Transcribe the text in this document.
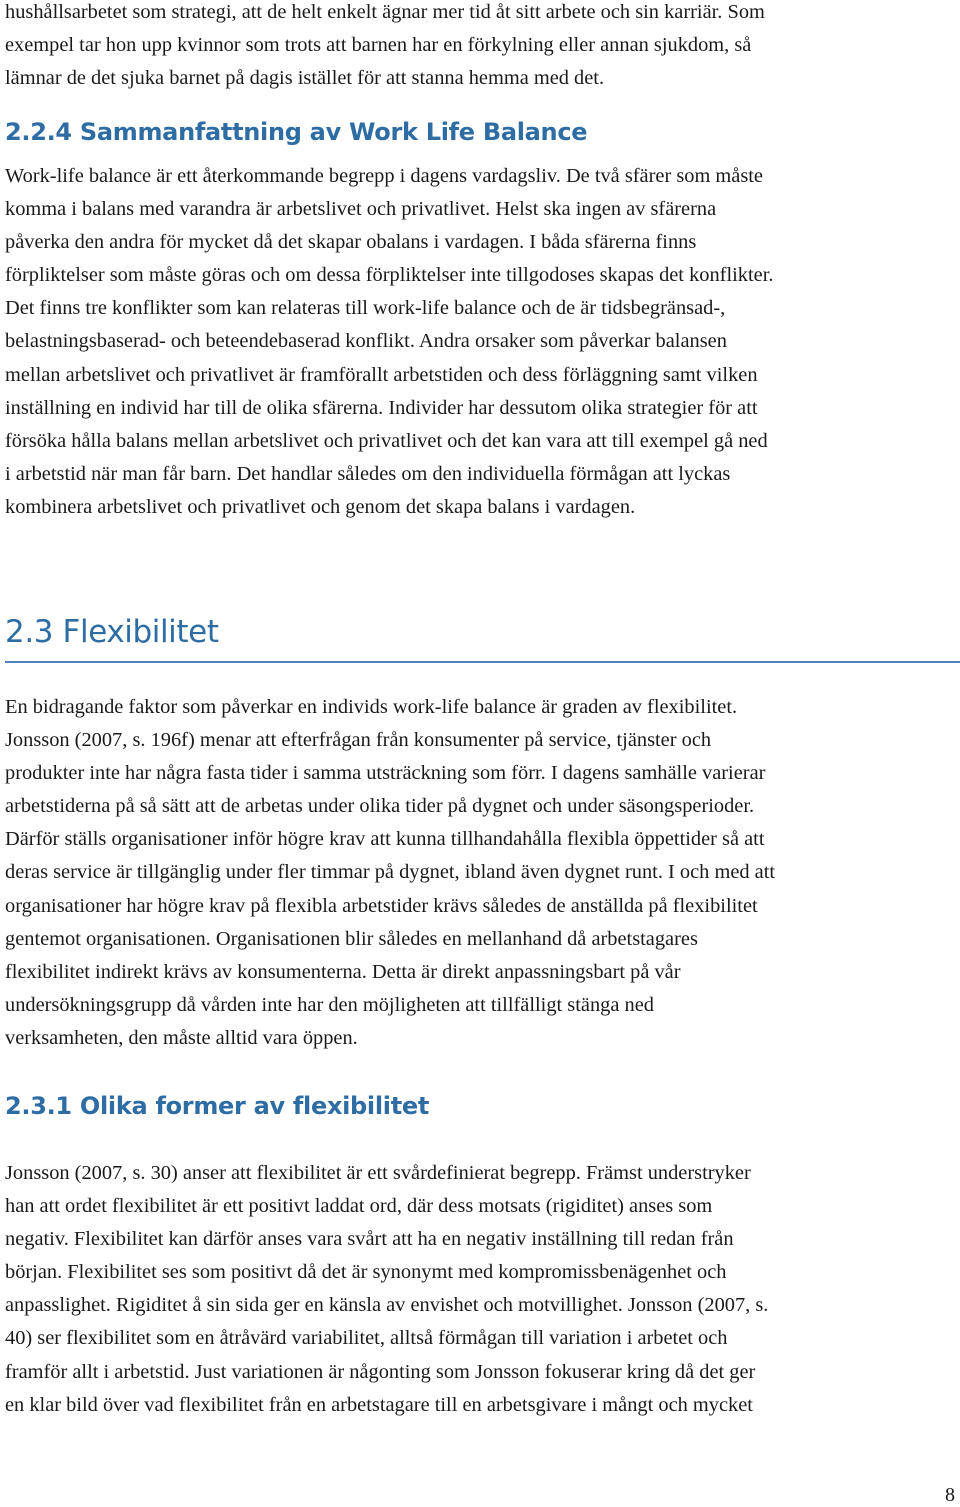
hushållsarbetet som strategi, att de helt enkelt ägnar mer tid åt sitt arbete och sin karriär. Som
exempel tar hon upp kvinnor som trots att barnen har en förkylning eller annan sjukdom, så
lämnar de det sjuka barnet på dagis istället för att stanna hemma med det.

2.2.4 Sammanfattning av Work Life Balance

Work-life balance är ett återkommande begrepp i dagens vardagsliv. De två sfärer som måste
komma i balans med varandra är arbetslivet och privatlivet. Helst ska ingen av sfärerna
påverka den andra för mycket då det skapar obalans i vardagen. I båda sfärerna finns
förpliktelser som måste göras och om dessa förpliktelser inte tillgodoses skapas det konflikter.
Det finns tre konflikter som kan relateras till work-life balance och de är tidsbegränsad-,
belastningsbaserad- och beteendebaserad konflikt. Andra orsaker som påverkar balansen
mellan arbetslivet och privatlivet är framförallt arbetstiden och dess förläggning samt vilken
inställning en individ har till de olika sfärerna. Individer har dessutom olika strategier för att
försöka hålla balans mellan arbetslivet och privatlivet och det kan vara att till exempel gå ned
i arbetstid när man får barn. Det handlar således om den individuella förmågan att lyckas
kombinera arbetslivet och privatlivet och genom det skapa balans i vardagen.

2.3 Flexibilitet

En bidragande faktor som påverkar en individs work-life balance är graden av flexibilitet.
Jonsson (2007, s. 196f) menar att efterfrågan från konsumenter på service, tjänster och
produkter inte har några fasta tider i samma utsträckning som förr. I dagens samhälle varierar
arbetstiderna på så sätt att de arbetas under olika tider på dygnet och under säsongsperioder.
Därför ställs organisationer inför högre krav att kunna tillhandahålla flexibla öppettider så att
deras service är tillgänglig under fler timmar på dygnet, ibland även dygnet runt. I och med att
organisationer har högre krav på flexibla arbetstider krävs således de anställda på flexibilitet
gentemot organisationen. Organisationen blir således en mellanhand då arbetstagares
flexibilitet indirekt krävs av konsumenterna. Detta är direkt anpassningsbart på vår
undersökningsgrupp då vården inte har den möjligheten att tillfälligt stänga ned
verksamheten, den måste alltid vara öppen.

2.3.1 Olika former av flexibilitet

Jonsson (2007, s. 30) anser att flexibilitet är ett svårdefinierat begrepp. Främst understryker
han att ordet flexibilitet är ett positivt laddat ord, där dess motsats (rigiditet) anses som
negativ. Flexibilitet kan därför anses vara svårt att ha en negativ inställning till redan från
början. Flexibilitet ses som positivt då det är synonymt med kompromissbenägenhet och
anpasslighet. Rigiditet å sin sida ger en känsla av envishet och motvillighet. Jonsson (2007, s.
40) ser flexibilitet som en åtråvärd variabilitet, alltså förmågan till variation i arbetet och
framför allt i arbetstid. Just variationen är någonting som Jonsson fokuserar kring då det ger
en klar bild över vad flexibilitet från en arbetstagare till en arbetsgivare i mångt och mycket

8
